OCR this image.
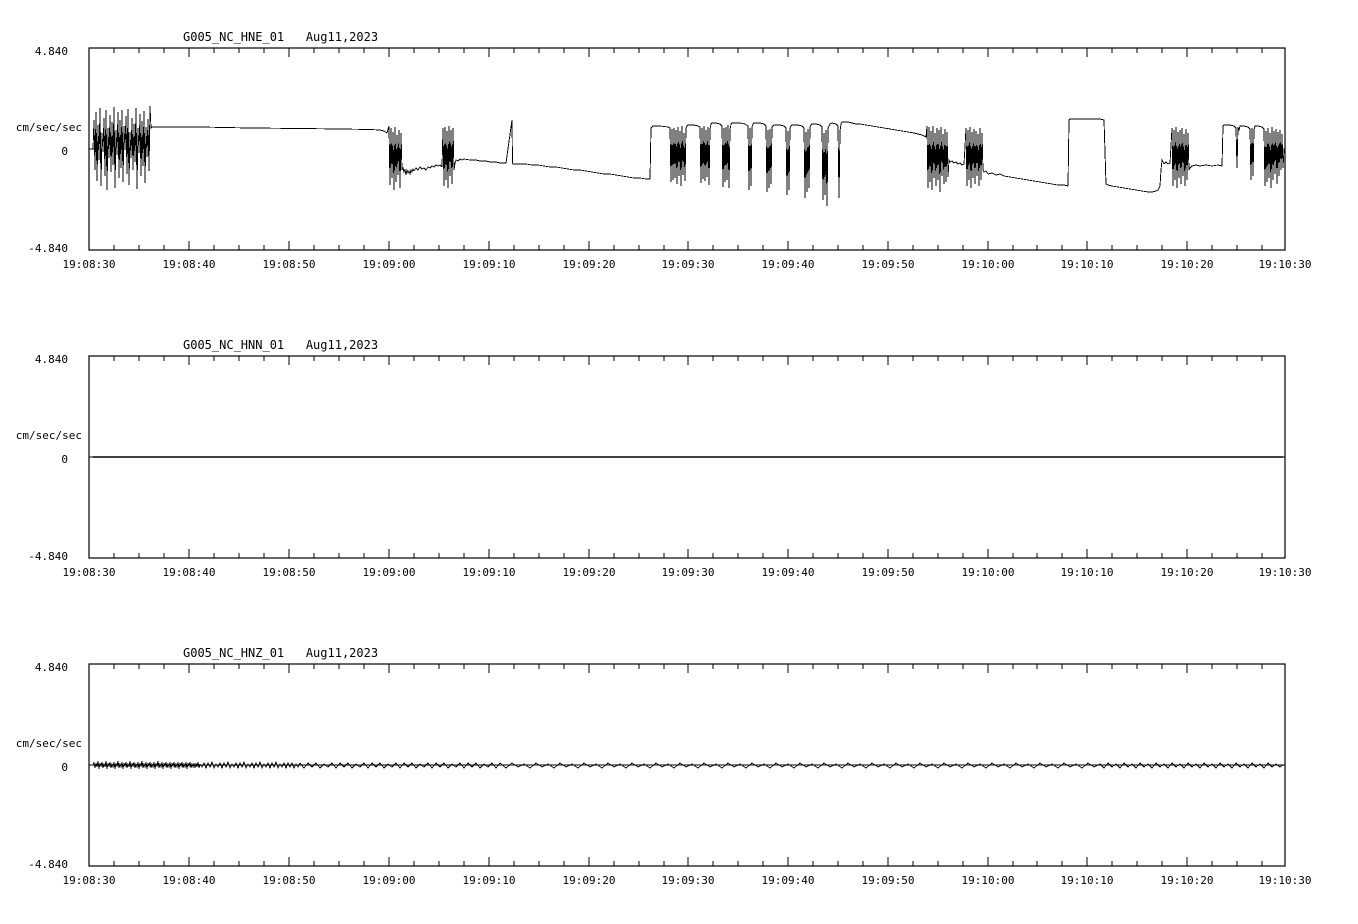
G005_NC_HNE_01   Aug11,2023
cm/sec/sec
4.840
0
-4.840
19:08:30	19:08:40	19:08:50	19:09:00	19:09:10	19:09:20	19:09:30	19:09:40	19:09:50	19:10:00	19:10:10	19:10:20	19:10:30
G005_NC_HNN_01   Aug11,2023
cm/sec/sec
4.840
0
-4.840
19:08:30	19:08:40	19:08:50	19:09:00	19:09:10	19:09:20	19:09:30	19:09:40	19:09:50	19:10:00	19:10:10	19:10:20	19:10:30
G005_NC_HNZ_01   Aug11,2023
cm/sec/sec
4.840
0
-4.840
19:08:30	19:08:40	19:08:50	19:09:00	19:09:10	19:09:20	19:09:30	19:09:40	19:09:50	19:10:00	19:10:10	19:10:20	19:10:30
